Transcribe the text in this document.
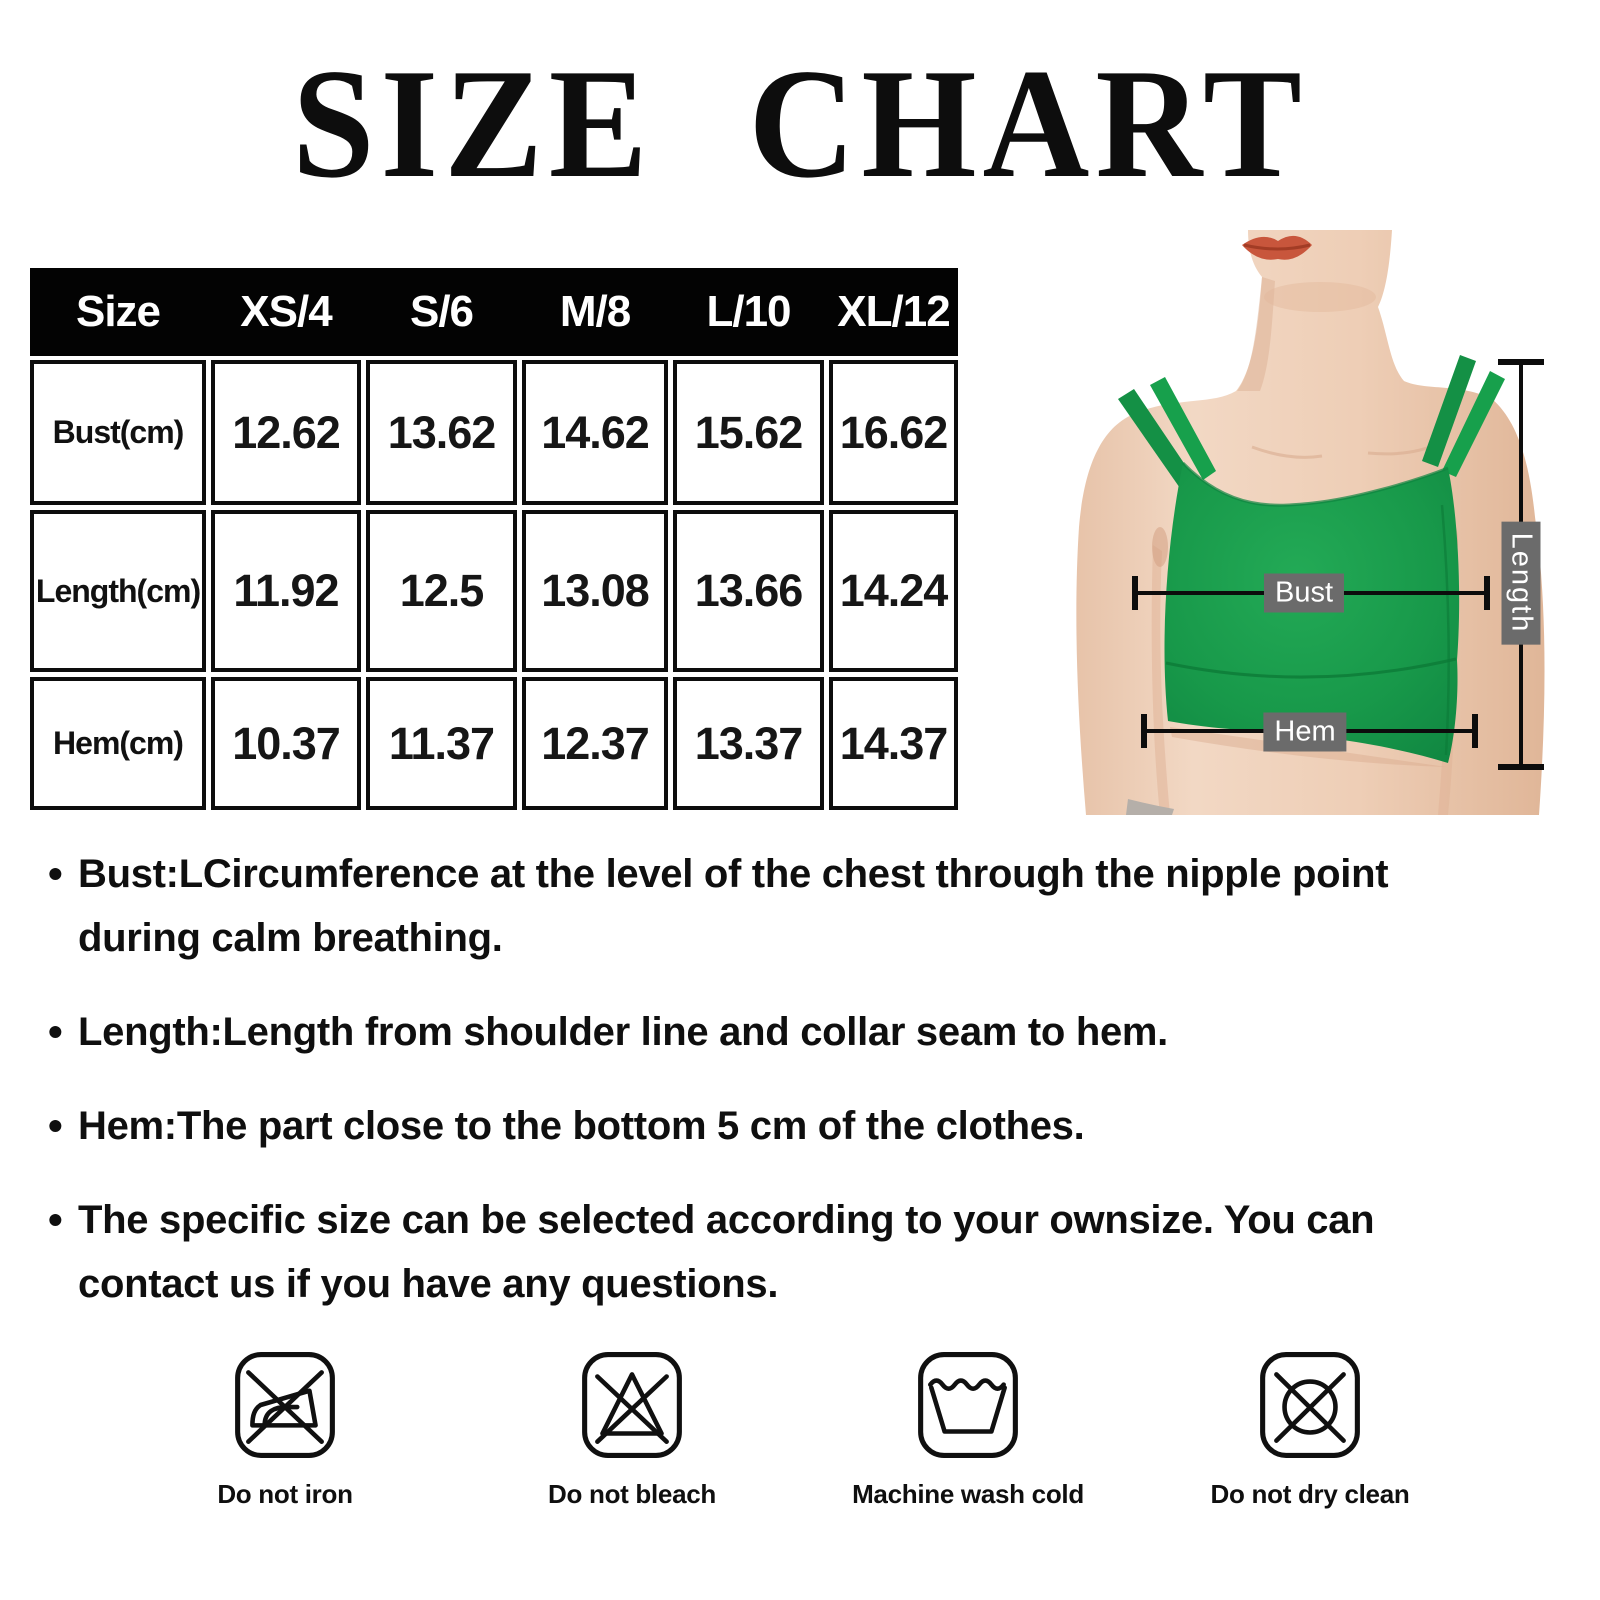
SIZE CHART
Size XS/4 S/6 M/8 L/10 XL/12
Bust(cm)	12.62	13.62	14.62	15.62 16.62
Length(cm) 11.92	12.5	13.08	13.66 14.24
Hem(cm)	10.37	11.37	12.37	13.37 14.37
Bust
Hem
Length
• Bust:LCircumference at the level of the chest through the nipple point during calm breathing.
• Length:Length from shoulder line and collar seam to hem.
• Hem:The part close to the bottom 5 cm of the clothes.
• The specific size can be selected according to your ownsize. You can contact us if you have any questions.
Do not iron	Do not bleach	Machine wash cold	Do not dry clean
